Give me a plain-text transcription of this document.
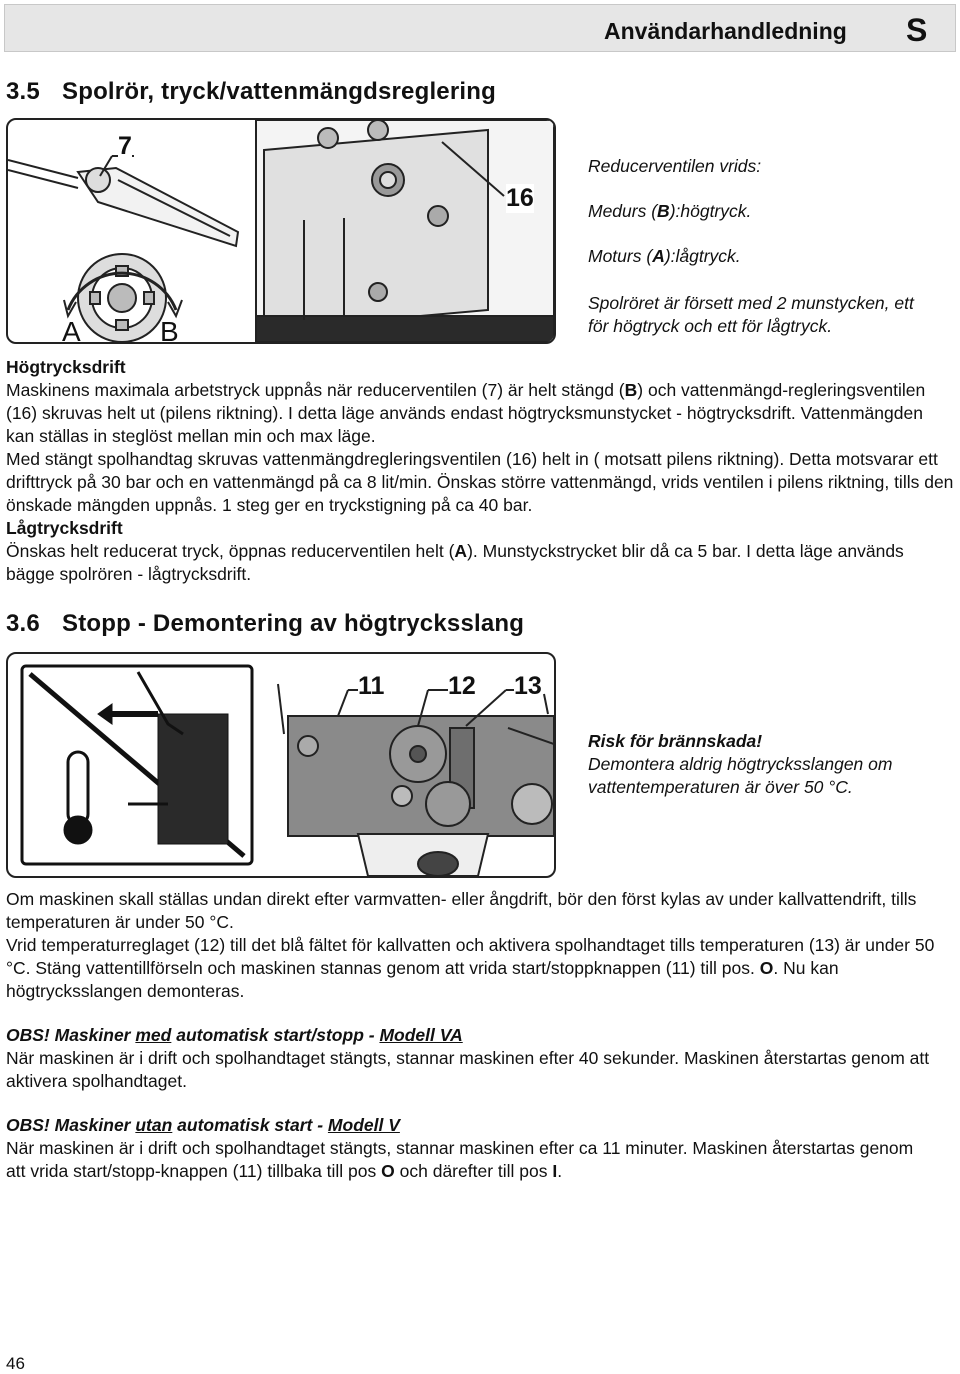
Användarhandledning S
3.5 Spolrör, tryck/vattenmängdsreglering
7
16
A	B
Reducerventilen vrids:
Medurs (B):högtryck.
Moturs (A):lågtryck.
Spolröret är försett med 2 munstycken, ett
för högtryck och ett för lågtryck.

Högtrycksdrift

Maskinens maximala arbetstryck uppnås när reducerventilen (7) är helt stängd (B) och vattenmängd-regleringsventilen (16) skruvas helt ut (pilens riktning). I detta läge används endast högtrycksmunstycket - högtrycksdrift. Vattenmängden kan ställas in steglöst mellan min och max läge.

Med stängt spolhandtag skruvas vattenmängdregleringsventilen (16) helt in ( motsatt pilens riktning). Detta motsvarar ett drifttryck på 30 bar och en vattenmängd på ca 8 lit/min. Önskas större vattenmängd, vrids ventilen i pilens riktning, tills den önskade mängden uppnås. 1 steg ger en tryckstigning på ca 40 bar.

Lågtrycksdrift

Önskas helt reducerat tryck, öppnas reducerventilen helt (A). Munstyckstrycket blir då ca 5 bar. I detta läge används bägge spolrören - lågtrycksdrift.

3.6 Stopp - Demontering av högtrycksslang
11	12 13
Risk för brännskada!
Demontera aldrig högtrycksslangen om
vattentemperaturen är över 50 °C.

Om maskinen skall ställas undan direkt efter varmvatten- eller ångdrift, bör den först kylas av under kallvattendrift, tills temperaturen är under 50 °C.

Vrid temperaturreglaget (12) till det blå fältet för kallvatten och aktivera spolhandtaget tills temperaturen (13) är under 50 °C. Stäng vattentillförseln och maskinen stannas genom att vrida start/stoppknappen (11) till pos. O. Nu kan högtrycksslangen demonteras.

OBS! Maskiner med automatisk start/stopp - Modell VA

När maskinen är i drift och spolhandtaget stängts, stannar maskinen efter 40 sekunder. Maskinen återstartas genom att aktivera spolhandtaget.

OBS! Maskiner utan automatisk start - Modell V

När maskinen är i drift och spolhandtaget stängts, stannar maskinen efter ca 11 minuter. Maskinen återstartas genom att vrida start/stopp-knappen (11) tillbaka till pos O och därefter till pos I.

46
